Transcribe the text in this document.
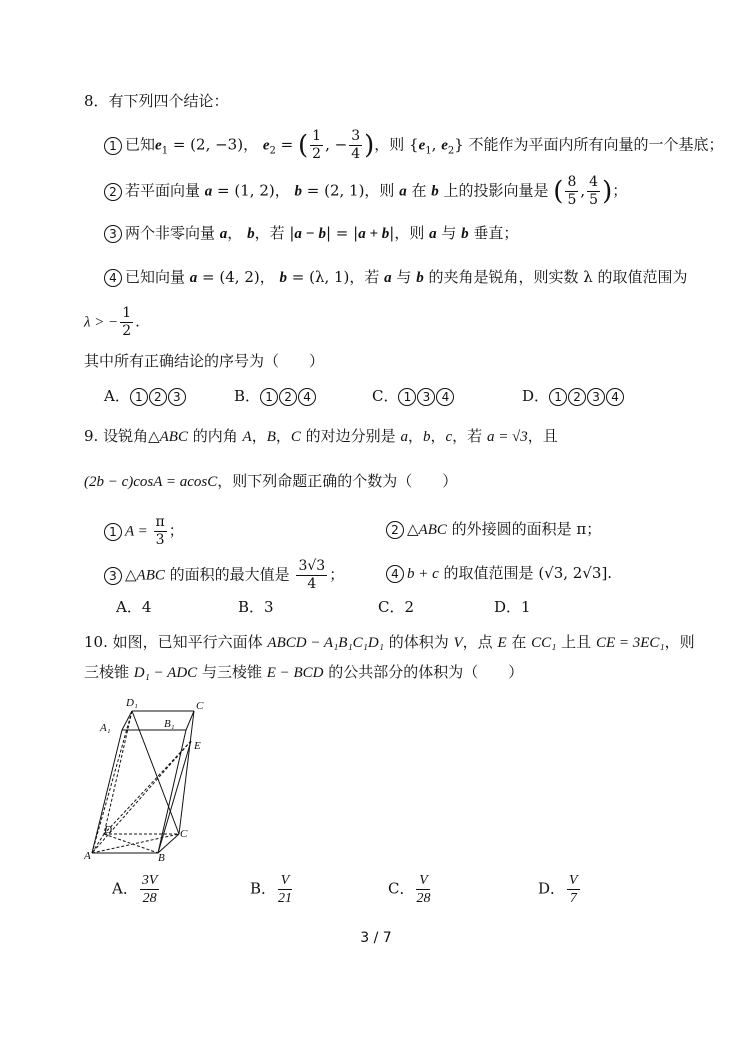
8．有下列四个结论：
1 已知$e_1 = (2$, −3)， $e_2$ = ( $\frac{1}{2}$ , − $\frac{3}{4}$ )，则 {$e_1$, $e_2$} 不能作为平面内所有向量的一个基底；
2 若平面向量 a = (1, 2)， b = (2, 1)，则 a 在 b 上的投影向量是 ( $\frac{8}{5}$ , $\frac{4}{5}$ )；
3 两个非零向量 a， b，若 |a − b| = |a + b|，则 a 与 b 垂直；
4 已知向量 a = (4, 2)， b = (λ, 1)，若 a 与 b 的夹角是锐角，则实数 λ 的取值范围为
λ > − $\frac{1}{2}$ .
其中所有正确结论的序号为（　　）
A． 1 2 3	B． 1 2 4	C． 1 3 4	D． 1 2 3 4
9. 设锐角△ABC 的内角 A，B，C 的对边分别是 a，b，c，若 a = √3，且
(2b − c)cosA = acosC，则下列命题正确的个数为（　　）
1 $A = \frac{\pi}{3}$ ；	2 △ABC 的外接圆的面积是 π；
3 △ABC 的面积的最大值是 $\frac{3√3}{4}$ ；	4 b + c 的取值范围是 (√3, 2√3].
A．4	B．3	C．2	D．1
10. 如图，已知平行六面体 ABCD − A₁B₁C₁D₁ 的体积为 V，点 E 在 CC₁ 上且 CE = 3EC₁，则
三棱锥 D₁ − ADC 与三棱锥 E − BCD 的公共部分的体积为（　　）
D₁
B₁
C
A₁
E
D	C
A	B
A． $\frac{3V}{28}$	B． $\frac{V}{21}$	C． $\frac{V}{28}$	D． $\frac{V}{7}$
3 / 7
